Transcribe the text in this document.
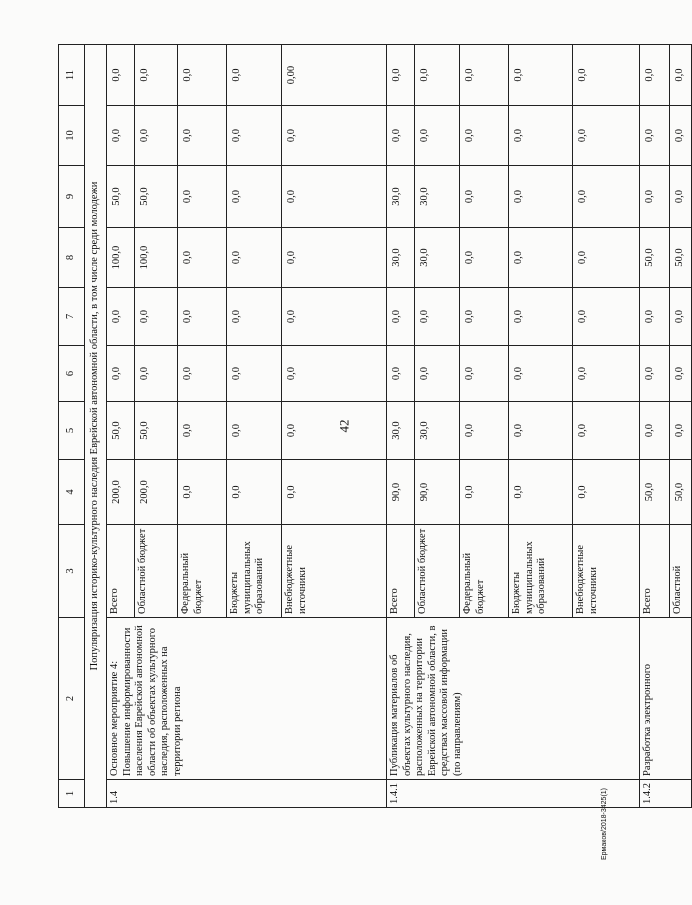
42
Ермаков/2018-3425(1)
1	2	3	4	5	6	7	8	9	10	11
Популяризация историко-культурного наследия Еврейской автономной области, в том числе среди молодежи										
1.4	Основное мероприятие 4: Повышение информированности населения Еврейской автономной области об объектах культурного наследия, расположенных на территории региона	Всего	200,0	50,0	0,0	0,0	100,0	50,0	0,0	0,0
		Областной бюджет	200,0	50,0	0,0	0,0	100,0	50,0	0,0	0,0
		Федеральный бюджет	0,0	0,0	0,0	0,0	0,0	0,0	0,0	0,0
		Бюджеты муниципальных образований	0,0	0,0	0,0	0,0	0,0	0,0	0,0	0,0
		Внебюджетные источники	0,0	0,0	0,0	0,0	0,0	0,0	0,0	0,00
1.4.1	Публикация материалов об объектах культурного наследия, расположенных на территории Еврейской автономной области, в средствах массовой информации (по направлениям)	Всего	90,0	30,0	0,0	0,0	30,0	30,0	0,0	0,0
		Областной бюджет	90,0	30,0	0,0	0,0	30,0	30,0	0,0	0,0
		Федеральный бюджет	0,0	0,0	0,0	0,0	0,0	0,0	0,0	0,0
		Бюджеты муниципальных образований	0,0	0,0	0,0	0,0	0,0	0,0	0,0	0,0
		Внебюджетные источники	0,0	0,0	0,0	0,0	0,0	0,0	0,0	0,0
1.4.2	Разработка электронного	Всего	50,0	0,0	0,0	0,0	50,0	0,0	0,0	0,0
		Областной	50,0	0,0	0,0	0,0	50,0	0,0	0,0	0,0
